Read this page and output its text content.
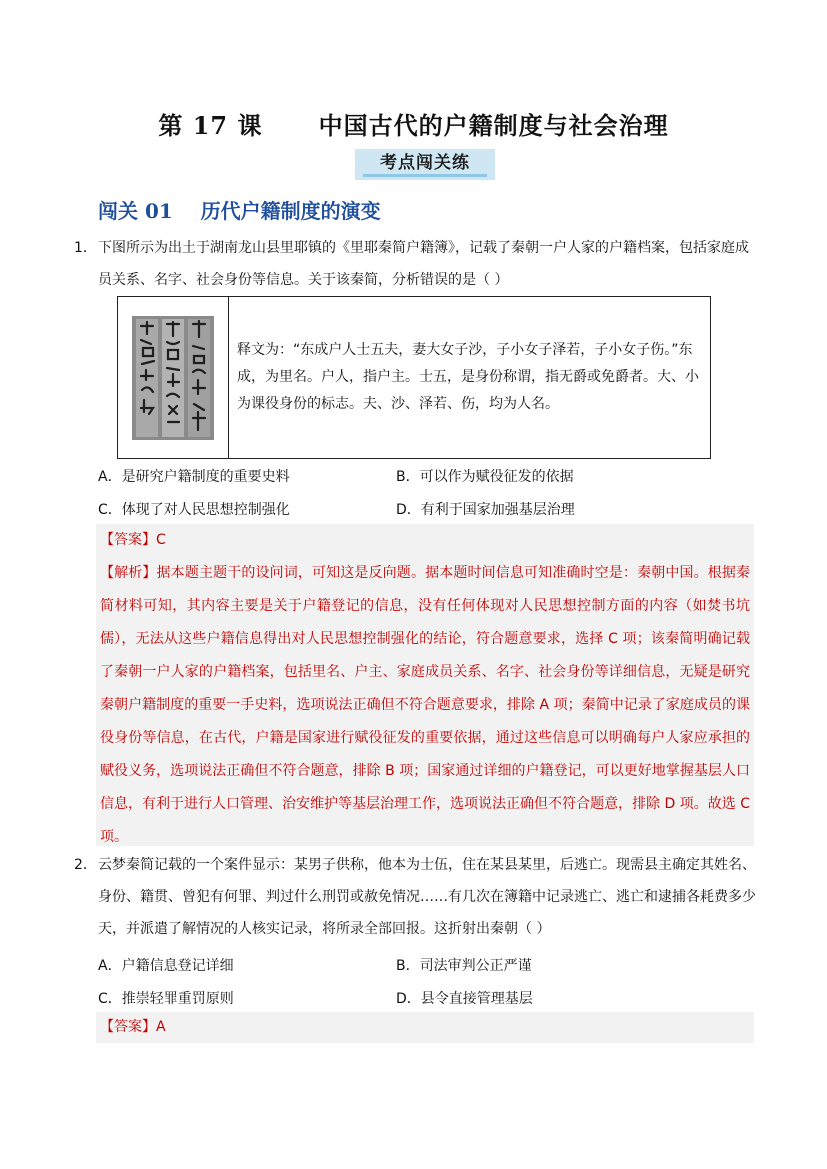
第 17 课      中国古代的户籍制度与社会治理
考点闯关练
闯关 01    历代户籍制度的演变
1． 下图所示为出土于湖南龙山县里耶镇的《里耶秦简户籍簿》，记载了秦朝一户人家的户籍档案，包括家庭成员关系、名字、社会身份等信息。关于该秦简，分析错误的是（ ）
释文为：“东成户人士五夫，妻大女子沙，子小女子泽若，子小女子伤。”东成，为里名。户人，指户主。士五，是身份称谓，指无爵或免爵者。大、小为课役身份的标志。夫、沙、泽若、伤，均为人名。
A．是研究户籍制度的重要史料	B．可以作为赋役征发的依据
C．体现了对人民思想控制强化	D．有利于国家加强基层治理
【答案】C
【解析】据本题主题干的设问词，可知这是反向题。据本题时间信息可知准确时空是：秦朝中国。根据秦简材料可知，其内容主要是关于户籍登记的信息，没有任何体现对人民思想控制方面的内容（如焚书坑儒），无法从这些户籍信息得出对人民思想控制强化的结论，符合题意要求，选择 C 项；该秦简明确记载了秦朝一户人家的户籍档案，包括里名、户主、家庭成员关系、名字、社会身份等详细信息，无疑是研究秦朝户籍制度的重要一手史料，选项说法正确但不符合题意要求，排除 A 项；秦简中记录了家庭成员的课役身份等信息，在古代，户籍是国家进行赋役征发的重要依据，通过这些信息可以明确每户人家应承担的赋役义务，选项说法正确但不符合题意，排除 B 项；国家通过详细的户籍登记，可以更好地掌握基层人口信息，有利于进行人口管理、治安维护等基层治理工作，选项说法正确但不符合题意，排除 D 项。故选 C 项。
2． 云梦秦简记载的一个案件显示：某男子供称，他本为士伍，住在某县某里，后逃亡。现需县主确定其姓名、身份、籍贯、曾犯有何罪、判过什么刑罚或赦免情况……有几次在簿籍中记录逃亡、逃亡和逮捕各耗费多少天，并派遣了解情况的人核实记录，将所录全部回报。这折射出秦朝（ ）
A．户籍信息登记详细	B．司法审判公正严谨
C．推崇轻罪重罚原则	D．县令直接管理基层
【答案】A
